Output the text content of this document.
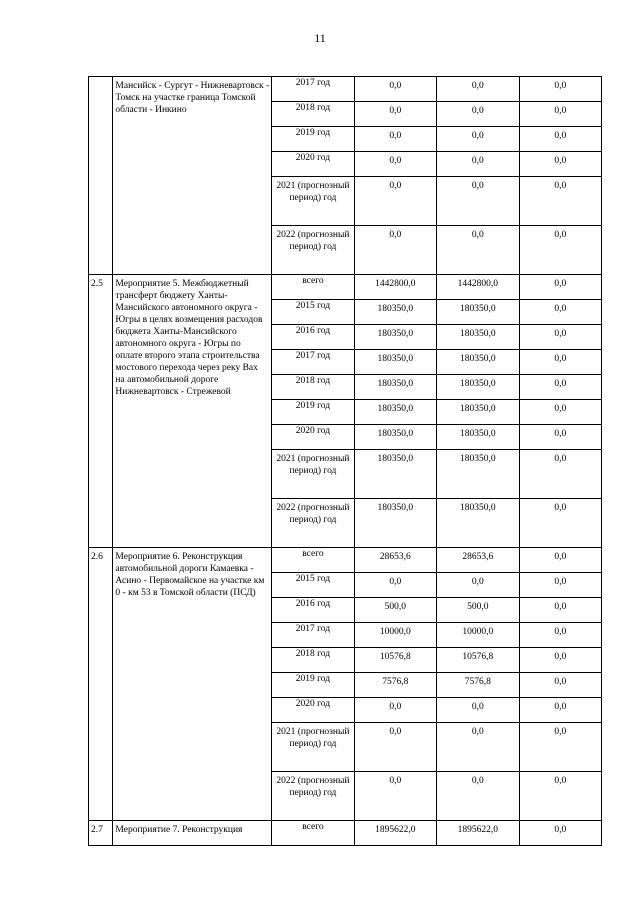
11
	Мансийск - Сургут - Нижневартовск - Томск на участке граница Томской области - Инкино	2017 год	0,0	0,0	0,0
		2018 год	0,0	0,0	0,0
		2019 год	0,0	0,0	0,0
		2020 год	0,0	0,0	0,0
		2021 (прогнозный период) год	0,0	0,0	0,0
		2022 (прогнозный период) год	0,0	0,0	0,0
2.5	Мероприятие 5. Межбюджетный трансферт бюджету Ханты-Мансийского автономного округа - Югры в целях возмещения расходов бюджета Ханты-Мансийского автономного округа - Югры по оплате второго этапа строительства мостового перехода через реку Вах на автомобильной дороге Нижневартовск - Стрежевой	всего	1442800,0	1442800,0	0,0
		2015 год	180350,0	180350,0	0,0
		2016 год	180350,0	180350,0	0,0
		2017 год	180350,0	180350,0	0,0
		2018 год	180350,0	180350,0	0,0
		2019 год	180350,0	180350,0	0,0
		2020 год	180350,0	180350,0	0,0
		2021 (прогнозный период) год	180350,0	180350,0	0,0
		2022 (прогнозный период) год	180350,0	180350,0	0,0
2.6	Мероприятие 6. Реконструкция автомобильной дороги Камаевка - Асино - Первомайское на участке км 0 - км 53 в Томской области (ПСД)	всего	28653,6	28653,6	0,0
		2015 год	0,0	0,0	0,0
		2016 год	500,0	500,0	0,0
		2017 год	10000,0	10000,0	0,0
		2018 год	10576,8	10576,8	0,0
		2019 год	7576,8	7576,8	0,0
		2020 год	0,0	0,0	0,0
		2021 (прогнозный период) год	0,0	0,0	0,0
		2022 (прогнозный период) год	0,0	0,0	0,0
2.7	Мероприятие 7. Реконструкция	всего	1895622,0	1895622,0	0,0
